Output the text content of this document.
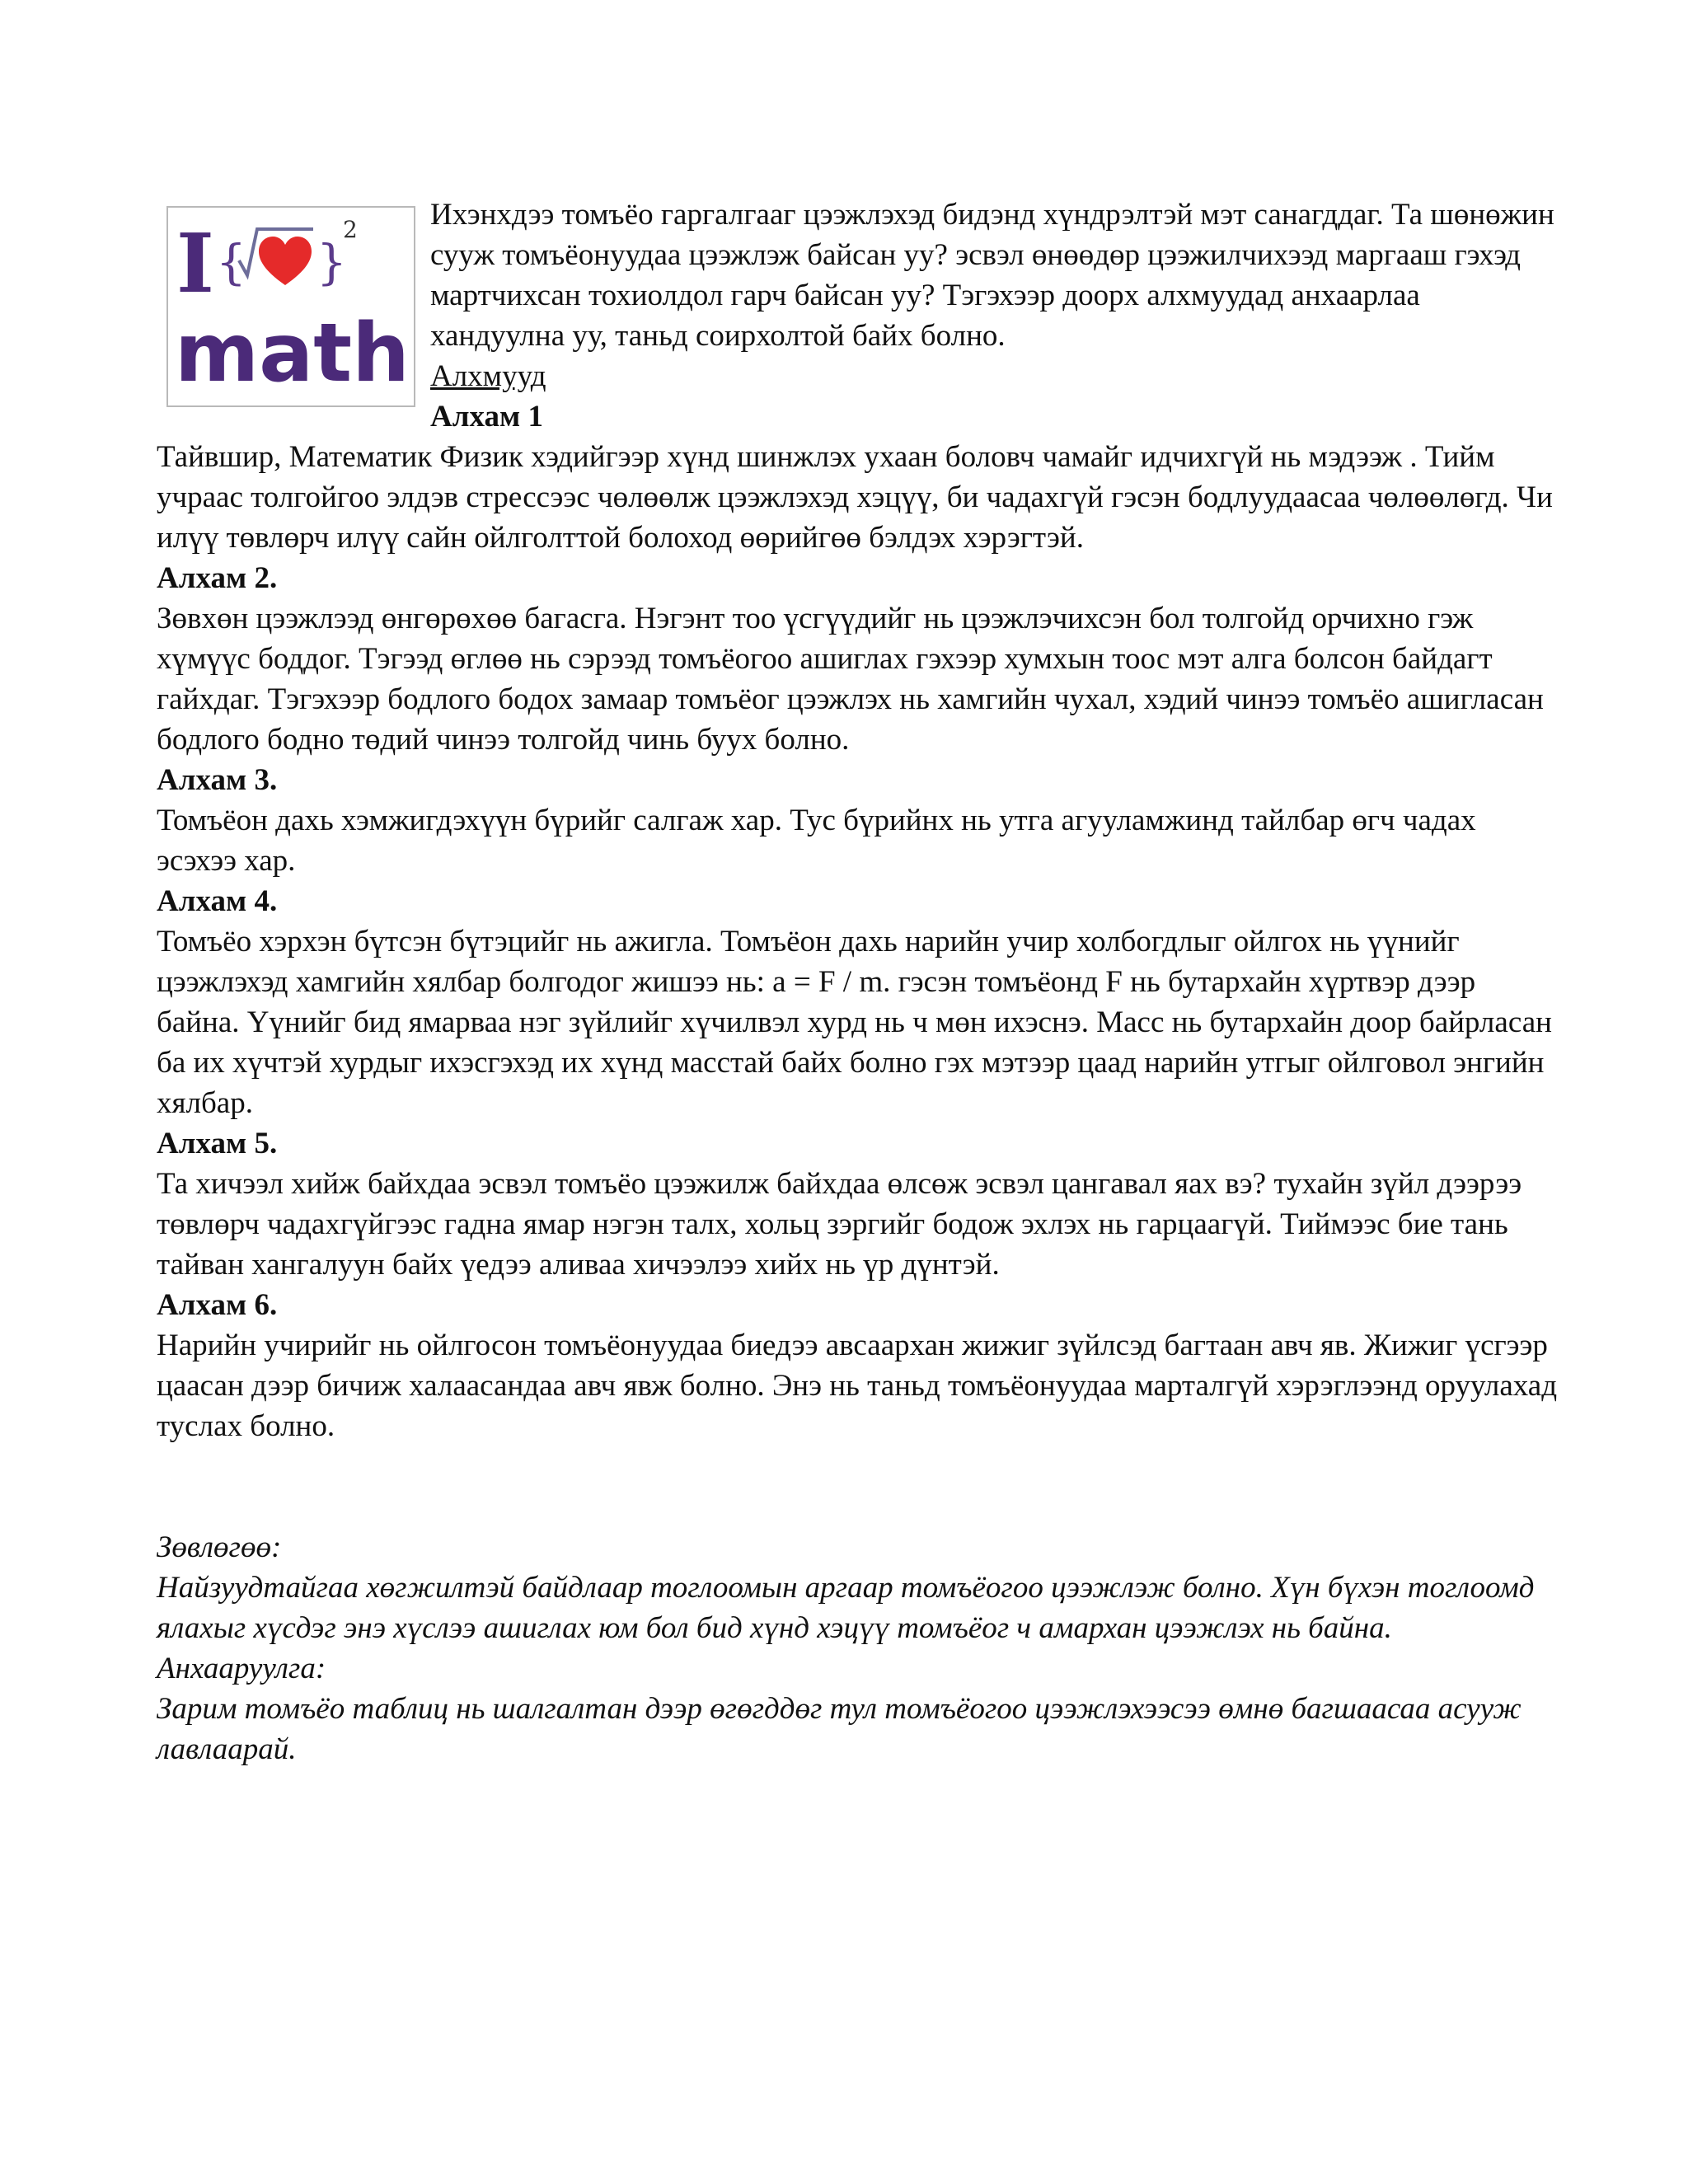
I { }
2
math

Ихэнхдээ томъёо гаргалгааг цээжлэхэд бидэнд хүндрэлтэй мэт санагддаг. Та шөнөжин сууж томъёонуудаа цээжлэж байсан уу? эсвэл өнөөдөр цээжилчихээд маргааш гэхэд мартчихсан тохиолдол гарч байсан уу? Тэгэхээр доорх алхмуудад анхаарлаа хандуулна уу, таньд соирхолтой байх болно.

Алхмууд

Алхам 1

Тайвшир, Математик Физик хэдийгээр хүнд шинжлэх ухаан боловч чамайг идчихгүй нь мэдээж . Тийм учраас толгойгоо элдэв стрессээс чөлөөлж цээжлэхэд хэцүү, би чадахгүй гэсэн бодлуудаасаа чөлөөлөгд. Чи илүү төвлөрч илүү сайн ойлголттой болоход өөрийгөө бэлдэх хэрэгтэй.

Алхам 2.

Зөвхөн цээжлээд өнгөрөхөө багасга. Нэгэнт тоо үсгүүдийг нь цээжлэчихсэн бол толгойд орчихно гэж хүмүүс боддог. Тэгээд өглөө нь сэрээд томъёогоо ашиглах гэхээр хумхын тоос мэт алга болсон байдагт гайхдаг. Тэгэхээр бодлого бодох замаар томъёог цээжлэх нь хамгийн чухал, хэдий чинээ томъёо ашигласан бодлого бодно төдий чинээ толгойд чинь буух болно.

Алхам 3.

Томъёон дахь хэмжигдэхүүн бүрийг салгаж хар. Тус бүрийнх нь утга агууламжинд тайлбар өгч чадах эсэхээ хар.

Алхам 4.

Томъёо хэрхэн бүтсэн бүтэцийг нь ажигла. Томъёон дахь нарийн учир холбогдлыг ойлгох нь үүнийг цээжлэхэд хамгийн хялбар болгодог жишээ нь: a = F / m. гэсэн томъёонд F нь бутархайн хүртвэр дээр байна. Үүнийг бид ямарваа нэг зүйлийг хүчилвэл хурд нь ч мөн ихэснэ. Масс нь бутархайн доор байрласан ба их хүчтэй хурдыг ихэсгэхэд их хүнд масстай байх болно гэх мэтээр цаад нарийн утгыг ойлговол энгийн хялбар.

Алхам 5.

Та хичээл хийж байхдаа эсвэл томъёо цээжилж байхдаа өлсөж эсвэл цангавал яах вэ? тухайн зүйл дээрээ төвлөрч чадахгүйгээс гадна ямар нэгэн талх, хольц зэргийг бодож эхлэх нь гарцаагүй. Тиймээс бие тань тайван хангалуун байх үедээ аливаа хичээлээ хийх нь үр дүнтэй.

Алхам 6.

Нарийн учирийг нь ойлгосон томъёонуудаа биедээ авсаархан жижиг зүйлсэд багтаан авч яв. Жижиг үсгээр цаасан дээр бичиж халаасандаа авч явж болно. Энэ нь таньд томъёонуудаа марталгүй хэрэглээнд оруулахад туслах болно.

Зөвлөгөө:

Найзуудтайгаа хөгжилтэй байдлаар тоглоомын аргаар томъёогоо цээжлэж болно. Хүн бүхэн тоглоомд ялахыг хүсдэг энэ хүслээ ашиглах юм бол бид хүнд хэцүү томъёог ч амархан цээжлэх нь байна.

Анхааруулга:

Зарим томъёо таблиц нь шалгалтан дээр өгөгддөг тул томъёогоо цээжлэхээсээ өмнө багшаасаа асууж лавлаарай.
